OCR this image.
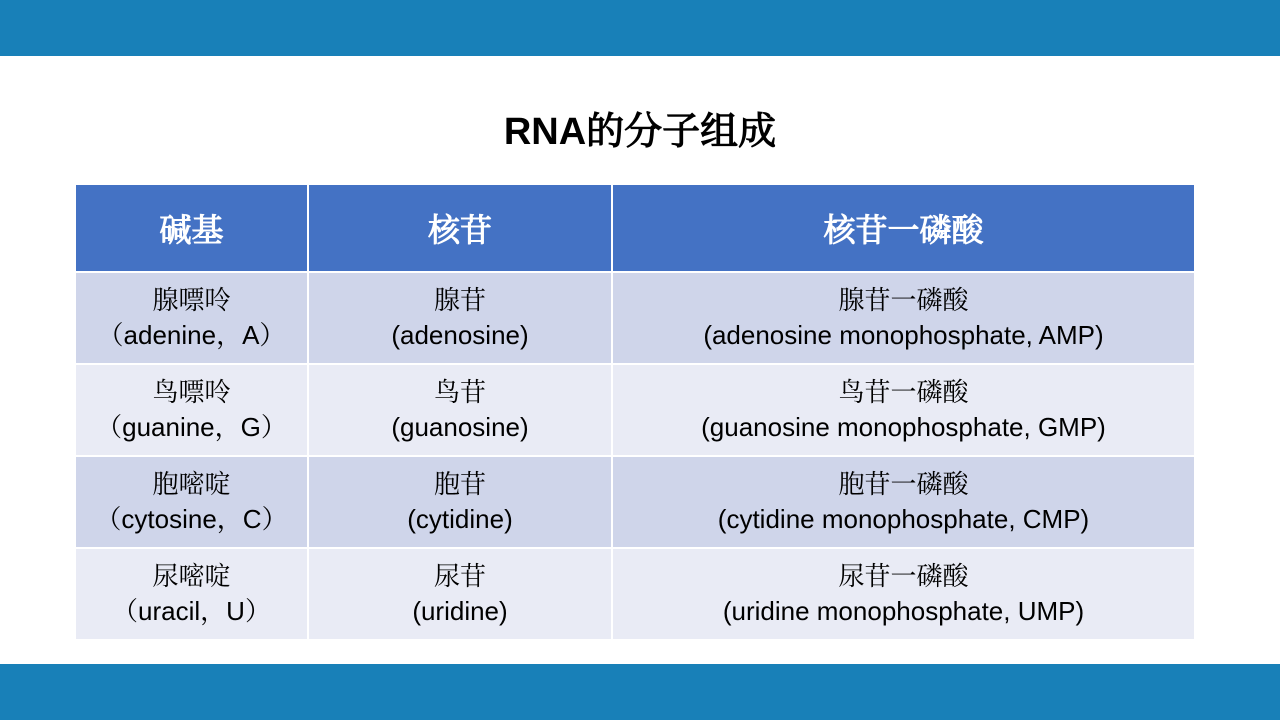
RNA的分子组成
碱基	核苷	核苷一磷酸

腺嘌呤
（adenine，A）	腺苷
(adenosine)	腺苷一磷酸
(adenosine monophosphate, AMP)

鸟嘌呤
（guanine，G）	鸟苷
(guanosine)	鸟苷一磷酸
(guanosine monophosphate, GMP)

胞嘧啶
（cytosine，C）	胞苷
(cytidine)	胞苷一磷酸
(cytidine monophosphate, CMP)

尿嘧啶
（uracil，U）	尿苷
(uridine)	尿苷一磷酸
(uridine monophosphate, UMP)
